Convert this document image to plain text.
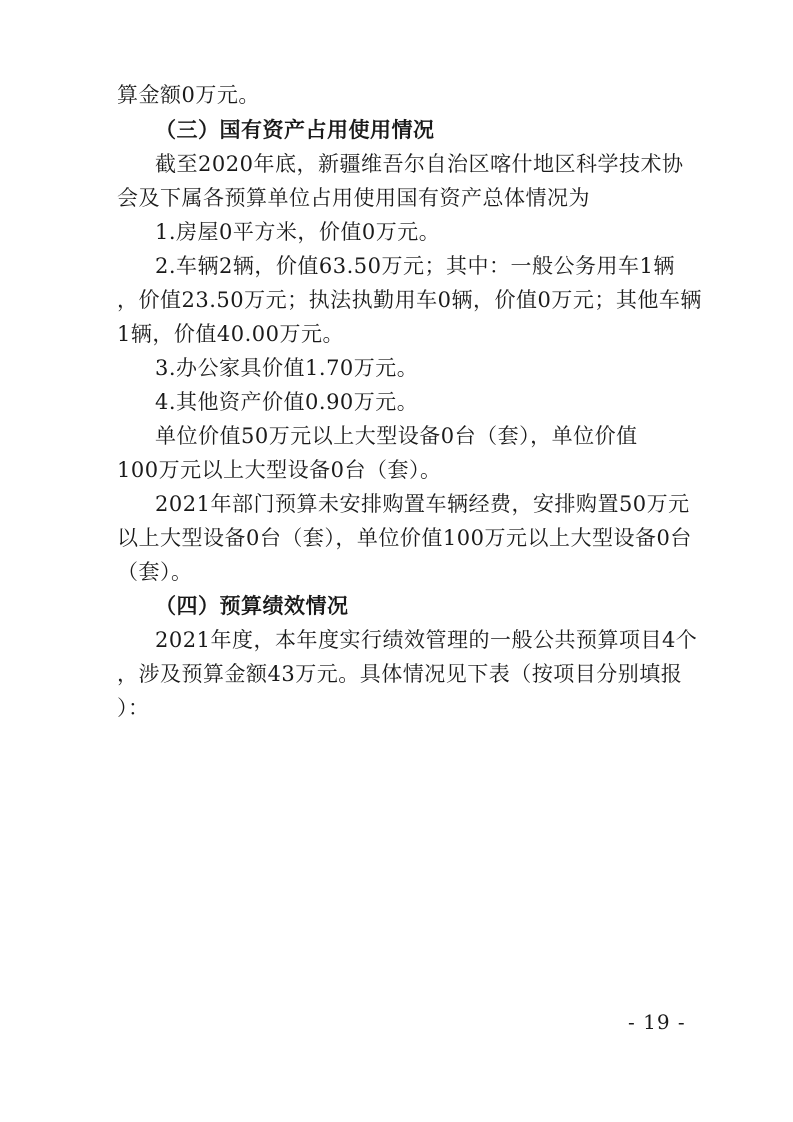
算金额0万元。
（三）国有资产占用使用情况
截至2020年底，新疆维吾尔自治区喀什地区科学技术协
会及下属各预算单位占用使用国有资产总体情况为
1.房屋0平方米，价值0万元。
2.车辆2辆，价值63.50万元；其中：一般公务用车1辆
，价值23.50万元；执法执勤用车0辆，价值0万元；其他车辆
1辆，价值40.00万元。
3.办公家具价值1.70万元。
4.其他资产价值0.90万元。
单位价值50万元以上大型设备0台（套），单位价值
100万元以上大型设备0台（套）。
2021年部门预算未安排购置车辆经费，安排购置50万元
以上大型设备0台（套），单位价值100万元以上大型设备0台
（套）。
（四）预算绩效情况
2021年度，本年度实行绩效管理的一般公共预算项目4个
，涉及预算金额43万元。具体情况见下表（按项目分别填报
）：
- 19 -
